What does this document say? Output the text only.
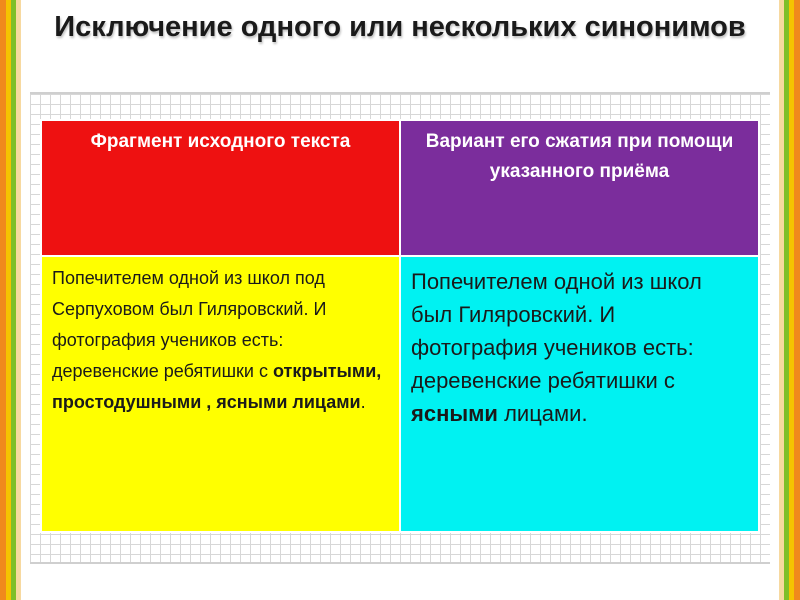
Исключение одного или нескольких синонимов
Фрагмент исходного текста	Вариант его сжатия при помощи указанного приёма
Попечителем одной из школ под Серпуховом был Гиляровский. И фотография учеников есть: деревенские ребятишки с открытыми, простодушными , ясными лицами.
Попечителем одной из школ был Гиляровский. И фотография учеников есть: деревенские ребятишки с ясными лицами.
